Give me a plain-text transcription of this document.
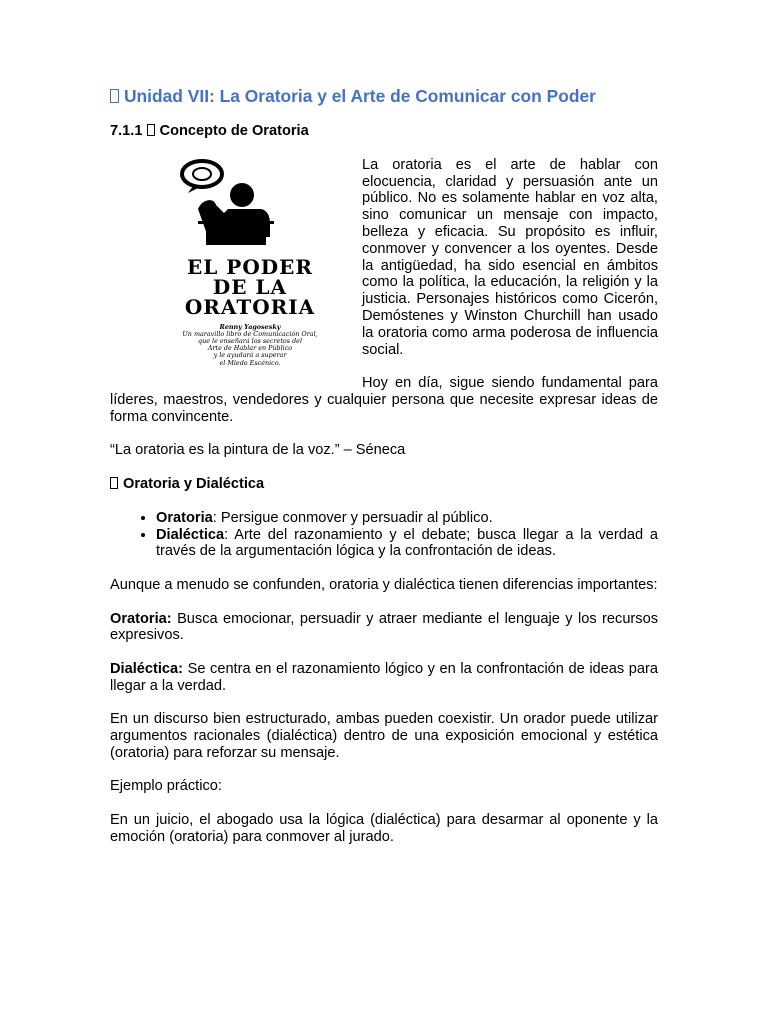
Unidad VII: La Oratoria y el Arte de Comunicar con Poder
7.1.1 Concepto de Oratoria
EL PODER
DE LA
ORATORIA
Renny Yagosesky
Un maravillo libro de Comunicación Oral,
que le enseñará los secretos del
Arte de Hablar en Público
y le ayudará a superar
el Miedo Escénico.

La oratoria es el arte de hablar con elocuencia, claridad y persuasión ante un público. No es solamente hablar en voz alta, sino comunicar un mensaje con impacto, belleza y eficacia. Su propósito es influir, conmover y convencer a los oyentes. Desde la antigüedad, ha sido esencial en ámbitos como la política, la educación, la religión y la justicia. Personajes históricos como Cicerón, Demóstenes y Winston Churchill han usado la oratoria como arma poderosa de influencia social.

Hoy en día, sigue siendo fundamental para líderes, maestros, vendedores y cualquier persona que necesite expresar ideas de forma convincente.

“La oratoria es la pintura de la voz.” – Séneca

Oratoria y Dialéctica
• Oratoria: Persigue conmover y persuadir al público.
• Dialéctica: Arte del razonamiento y el debate; busca llegar a la verdad a través de la argumentación lógica y la confrontación de ideas.

Aunque a menudo se confunden, oratoria y dialéctica tienen diferencias importantes:

Oratoria: Busca emocionar, persuadir y atraer mediante el lenguaje y los recursos expresivos.

Dialéctica: Se centra en el razonamiento lógico y en la confrontación de ideas para llegar a la verdad.

En un discurso bien estructurado, ambas pueden coexistir. Un orador puede utilizar argumentos racionales (dialéctica) dentro de una exposición emocional y estética (oratoria) para reforzar su mensaje.

Ejemplo práctico:

En un juicio, el abogado usa la lógica (dialéctica) para desarmar al oponente y la emoción (oratoria) para conmover al jurado.
